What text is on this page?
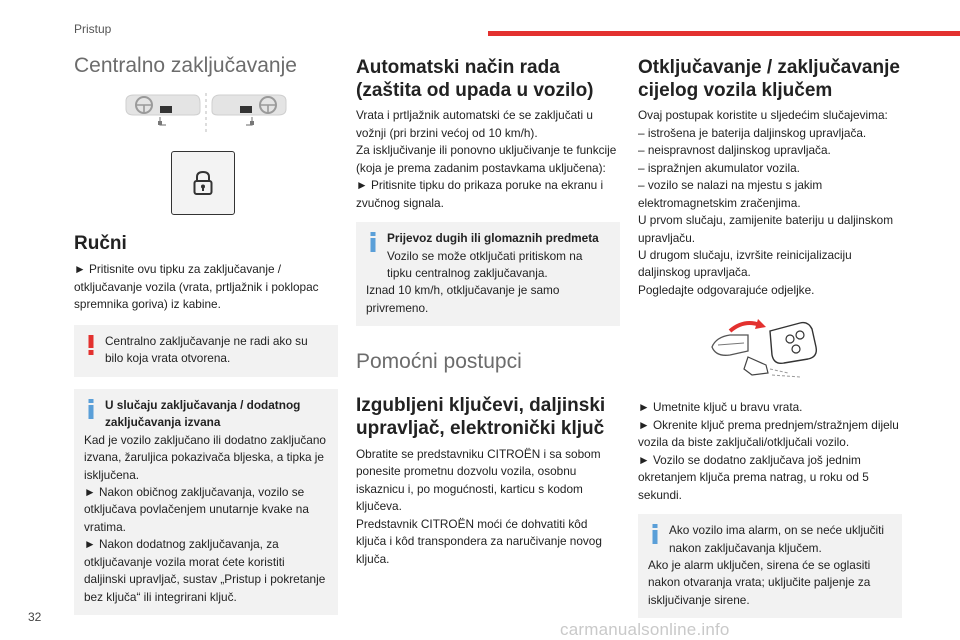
Pristup
Centralno zaključavanje
Ručni

► Pritisnite ovu tipku za zaključavanje / otključavanje vozila (vrata, prtljažnik i poklopac spremnika goriva) iz kabine.

Centralno zaključavanje ne radi ako su bilo koja vrata otvorena.

U slučaju zaključavanja / dodatnog zaključavanja izvana

Kad je vozilo zaključano ili dodatno zaključano izvana, žaruljica pokazivača bljeska, a tipka je isključena.

► Nakon običnog zaključavanja, vozilo se otključava povlačenjem unutarnje kvake na vratima.

► Nakon dodatnog zaključavanja, za otključavanje vozila morat ćete koristiti daljinski upravljač, sustav „Pristup i pokretanje bez ključa“ ili integrirani ključ.

Automatski način rada (zaštita od upada u vozilo)

Vrata i prtljažnik automatski će se zaključati u vožnji (pri brzini većoj od 10 km/h).

Za isključivanje ili ponovno uključivanje te funkcije (koja je prema zadanim postavkama uključena):

► Pritisnite tipku do prikaza poruke na ekranu i zvučnog signala.

Prijevoz dugih ili glomaznih predmeta

Vozilo se može otključati pritiskom na tipku centralnog zaključavanja.

Iznad 10 km/h, otključavanje je samo privremeno.

Pomoćni postupci
Izgubljeni ključevi, daljinski upravljač, elektronički ključ

Obratite se predstavniku CITROËN i sa sobom ponesite prometnu dozvolu vozila, osobnu iskaznicu i, po mogućnosti, karticu s kodom ključeva.

Predstavnik CITROËN moći će dohvatiti kôd ključa i kôd transpondera za naručivanje novog ključa.

Otključavanje / zaključavanje cijelog vozila ključem

Ovaj postupak koristite u sljedećim slučajevima:

– istrošena je baterija daljinskog upravljača.

– neispravnost daljinskog upravljača.

– ispražnjen akumulator vozila.

– vozilo se nalazi na mjestu s jakim elektromagnetskim zračenjima.

U prvom slučaju, zamijenite bateriju u daljinskom upravljaču.

U drugom slučaju, izvršite reinicijalizaciju daljinskog upravljača.

Pogledajte odgovarajuće odjeljke.

► Umetnite ključ u bravu vrata.

► Okrenite ključ prema prednjem/stražnjem dijelu vozila da biste zaključali/otključali vozilo.

► Vozilo se dodatno zaključava još jednim okretanjem ključa prema natrag, u roku od 5 sekundi.

Ako vozilo ima alarm, on se neće uključiti nakon zaključavanja ključem.

Ako je alarm uključen, sirena će se oglasiti nakon otvaranja vrata; uključite paljenje za isključivanje sirene.

32
carmanualsonline.info
